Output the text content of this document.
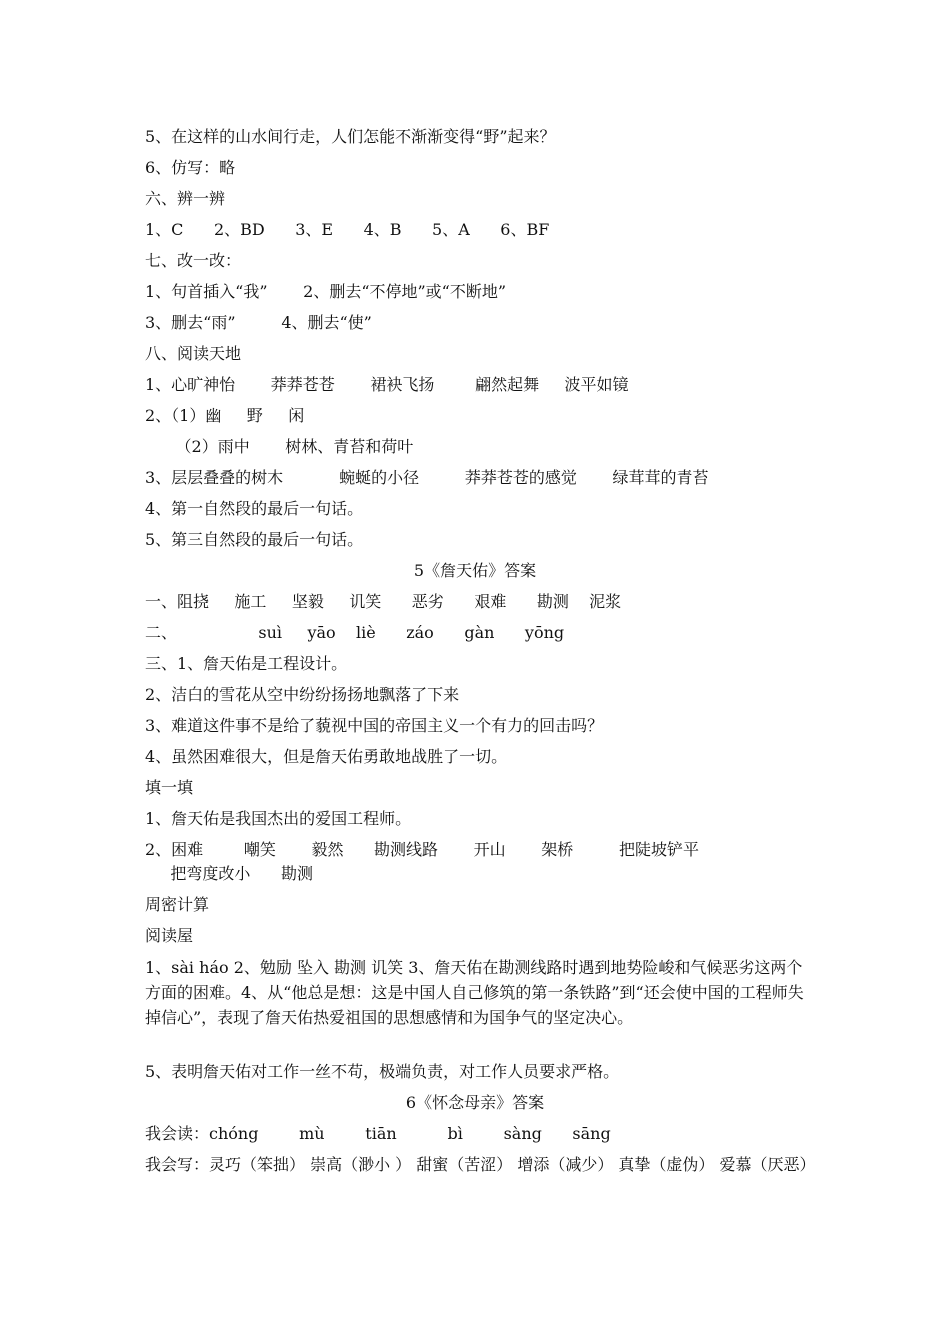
5、在这样的山水间行走，人们怎能不渐渐变得“野”起来？
6、仿写：略
六、辨一辨
1、C      2、BD      3、E      4、B      5、A      6、BF
七、改一改：
1、句首插入“我”       2、删去“不停地”或“不断地”
3、删去“雨”         4、删去“使”
八、阅读天地
1、心旷神怡       莽莽苍苍       裙袂飞扬        翩然起舞     波平如镜
2、（1）幽     野     闲
（2）雨中       树林、青苔和荷叶
3、层层叠叠的树木           蜿蜒的小径         莽莽苍苍的感觉       绿茸茸的青苔
4、第一自然段的最后一句话。
5、第三自然段的最后一句话。
5《詹天佑》答案
一、阻挠     施工     坚毅     讥笑      恶劣      艰难      勘测    泥浆
二、                suì     yāo    liè      záo      gàn      yōng
三、1、詹天佑是工程设计。
2、洁白的雪花从空中纷纷扬扬地飘落了下来
3、难道这件事不是给了藐视中国的帝国主义一个有力的回击吗？
4、虽然困难很大，但是詹天佑勇敢地战胜了一切。
填一填
1、詹天佑是我国杰出的爱国工程师。
2、困难        嘲笑       毅然      勘测线路       开山       架桥         把陡坡铲平
把弯度改小      勘测
周密计算
阅读屋
1、sài háo 2、勉励 坠入 勘测 讥笑 3、詹天佑在勘测线路时遇到地势险峻和气候恶劣这两个方面的困难。4、从“他总是想：这是中国人自己修筑的第一条铁路”到“还会使中国的工程师失掉信心”，表现了詹天佑热爱祖国的思想感情和为国争气的坚定决心。
5、表明詹天佑对工作一丝不苟，极端负责，对工作人员要求严格。
6《怀念母亲》答案
我会读：chóng        mù        tiān          bì        sàng      sāng
我会写：灵巧（笨拙） 崇高（渺小 ） 甜蜜（苦涩） 增添（减少） 真挚（虚伪） 爱慕（厌恶）
